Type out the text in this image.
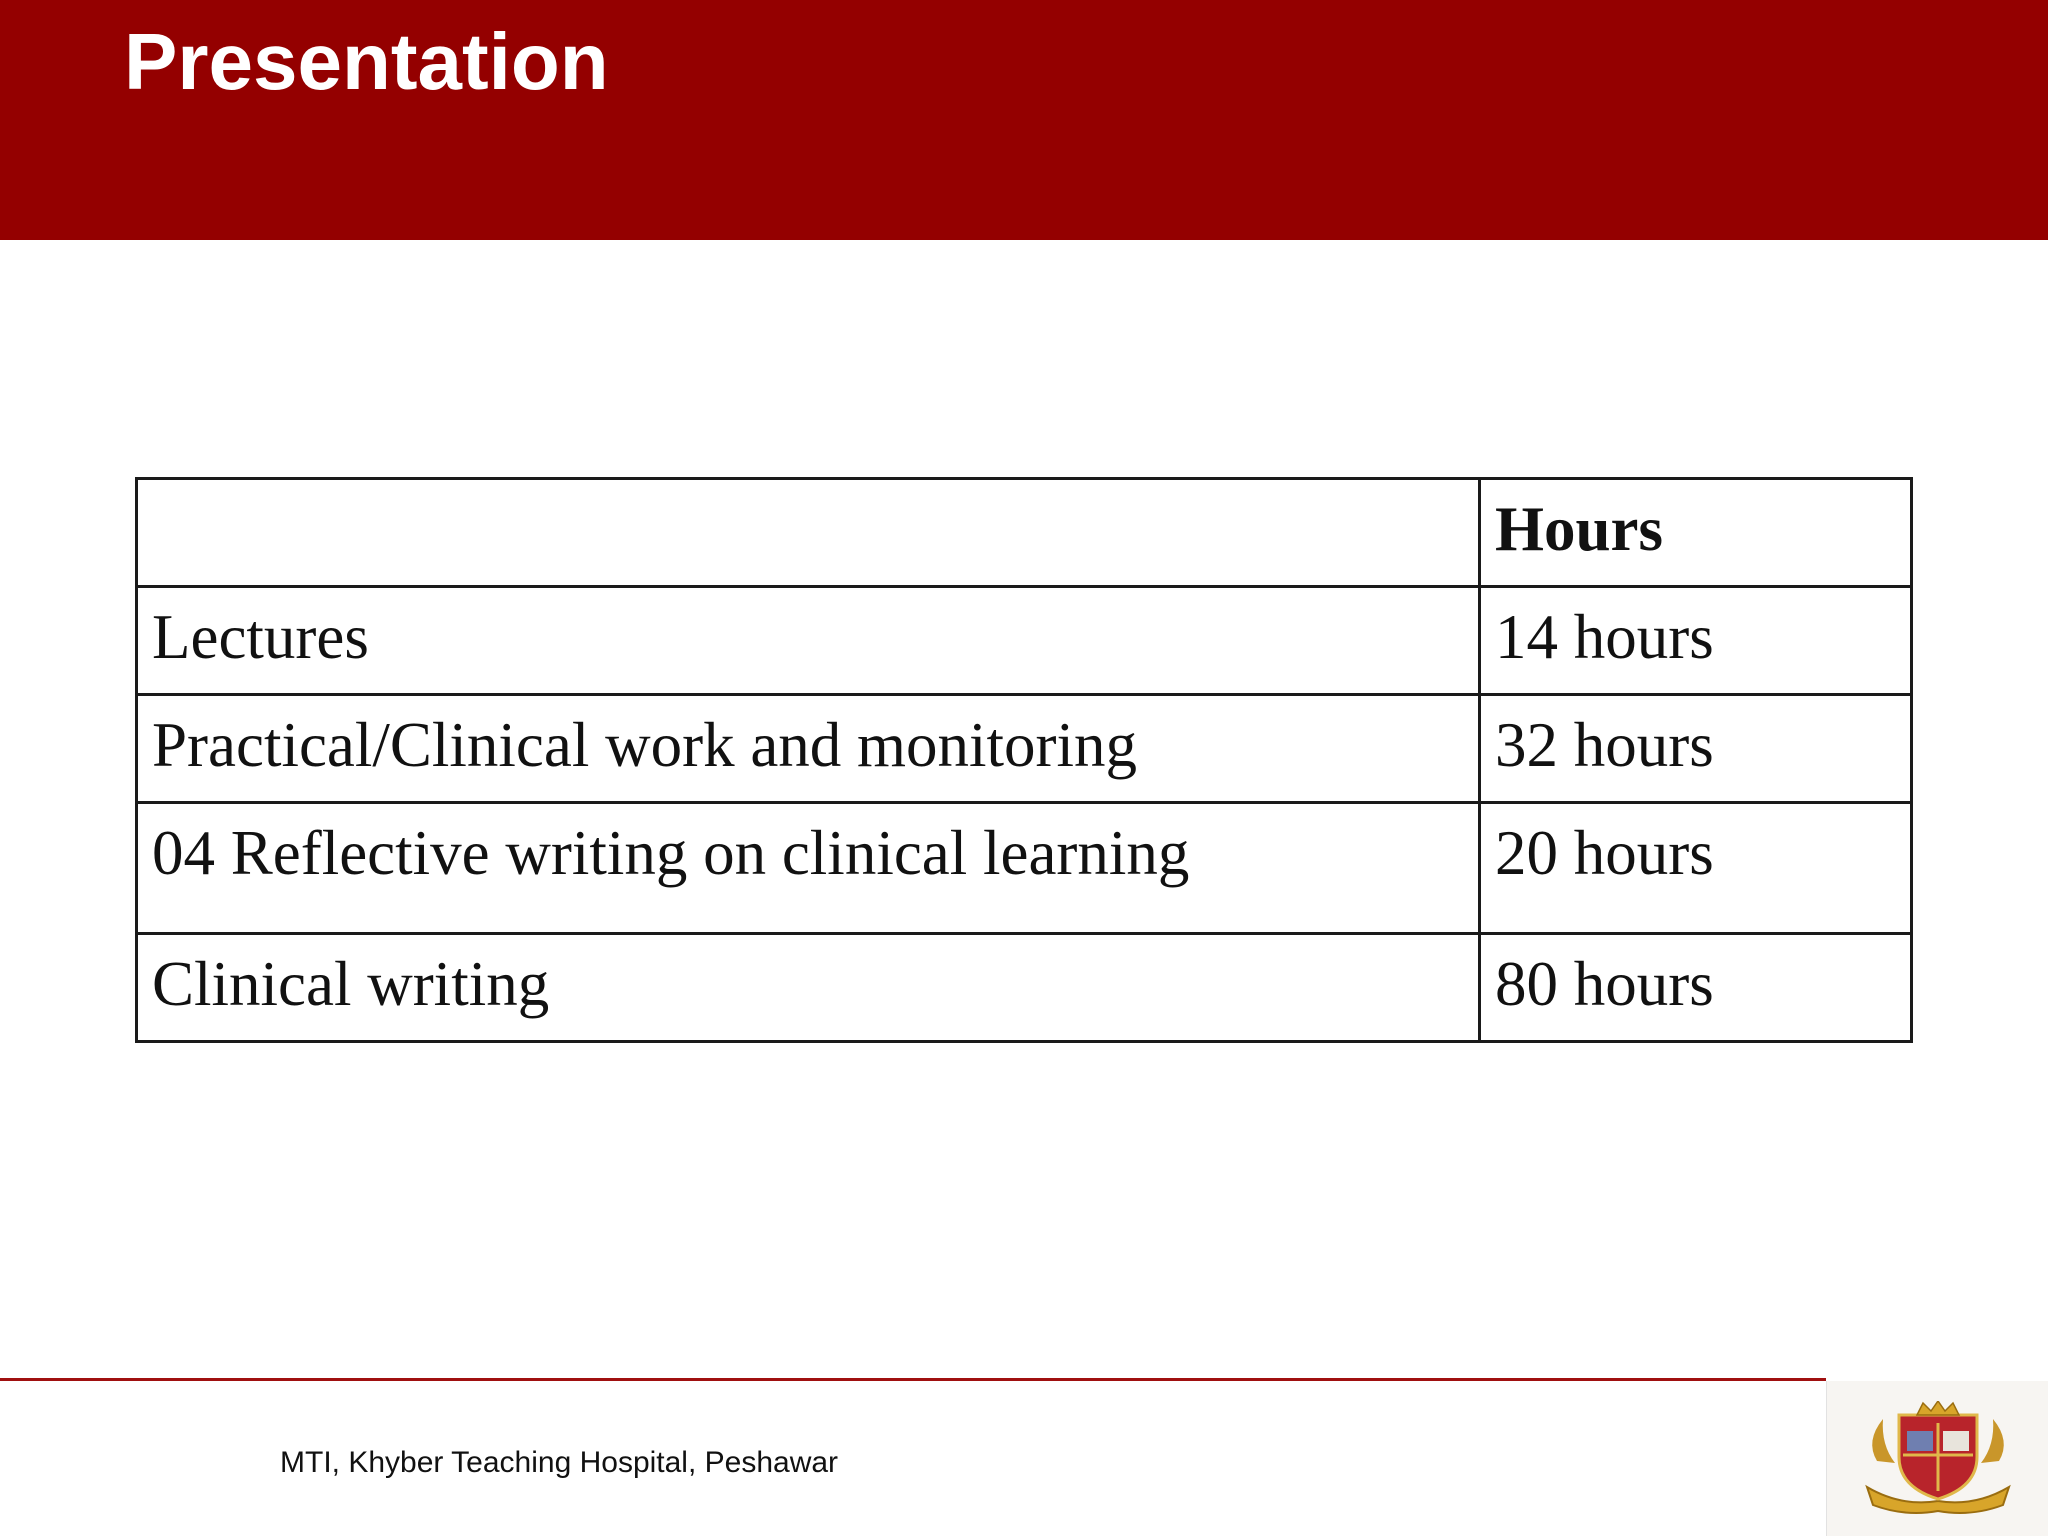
Presentation
	Hours
Lectures	14 hours
Practical/Clinical work and monitoring	32 hours
04 Reflective writing on clinical learning	20 hours
Clinical writing	80 hours
MTI, Khyber Teaching Hospital, Peshawar
